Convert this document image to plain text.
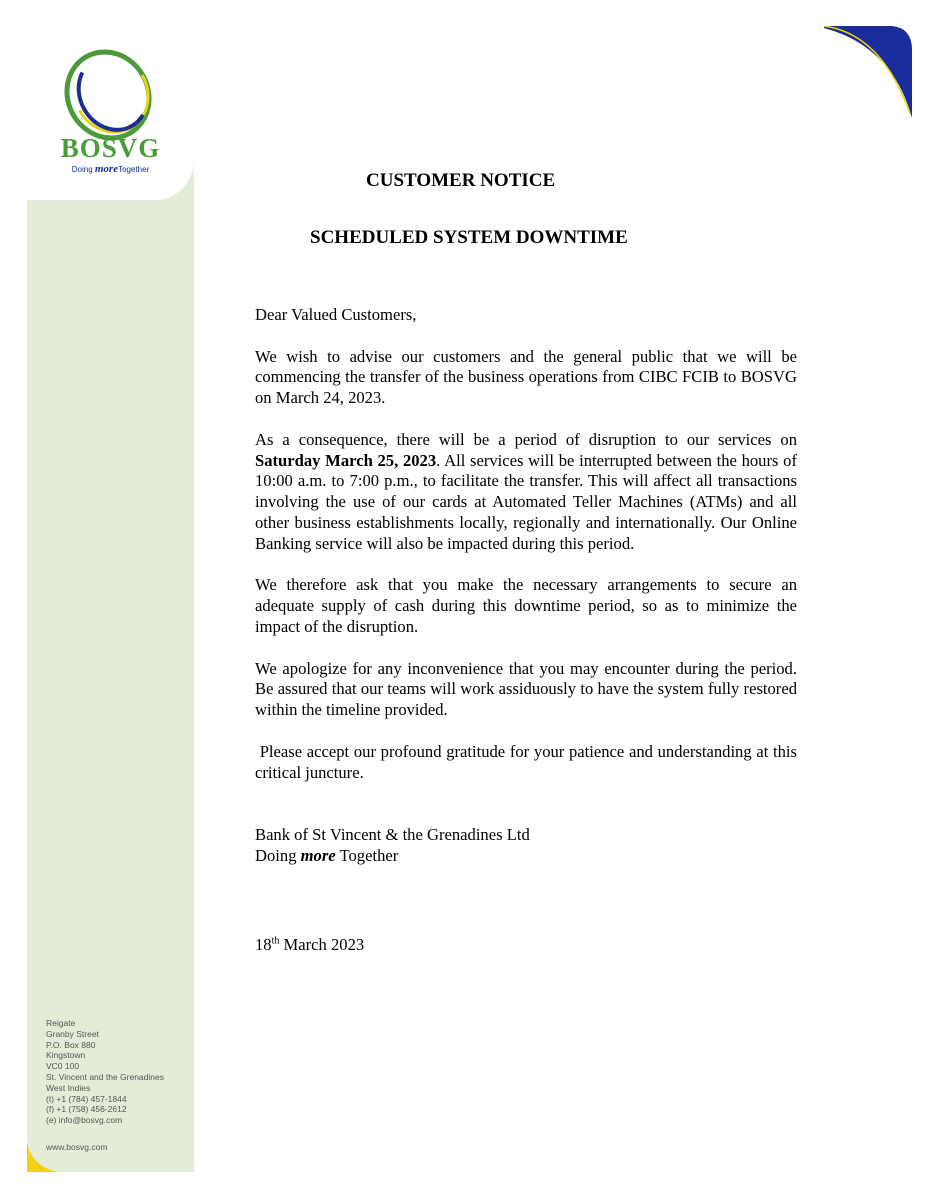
BOSVG
Doing moreTogether
CUSTOMER NOTICE
SCHEDULED SYSTEM DOWNTIME

Dear Valued Customers,

We wish to advise our customers and the general public that we will be commencing the transfer of the business operations from CIBC FCIB to BOSVG on March 24, 2023.

As a consequence, there will be a period of disruption to our services on Saturday March 25, 2023. All services will be interrupted between the hours of 10:00 a.m. to 7:00 p.m., to facilitate the transfer. This will affect all transactions involving the use of our cards at Automated Teller Machines (ATMs) and all other business establishments locally, regionally and internationally. Our Online Banking service will also be impacted during this period.

We therefore ask that you make the necessary arrangements to secure an adequate supply of cash during this downtime period, so as to minimize the impact of the disruption.

We apologize for any inconvenience that you may encounter during the period. Be assured that our teams will work assiduously to have the system fully restored within the timeline provided.

Please accept our profound gratitude for your patience and understanding at this critical juncture.

Bank of St Vincent & the Grenadines Ltd
Doing more Together
18th March 2023
Reigate
Granby Street
P.O. Box 880
Kingstown
VC0 100
St. Vincent and the Grenadines
West Indies
(t) +1 (784) 457-1844
(f) +1 (758) 456-2612
(e) info@bosvg.com
www.bosvg.com
